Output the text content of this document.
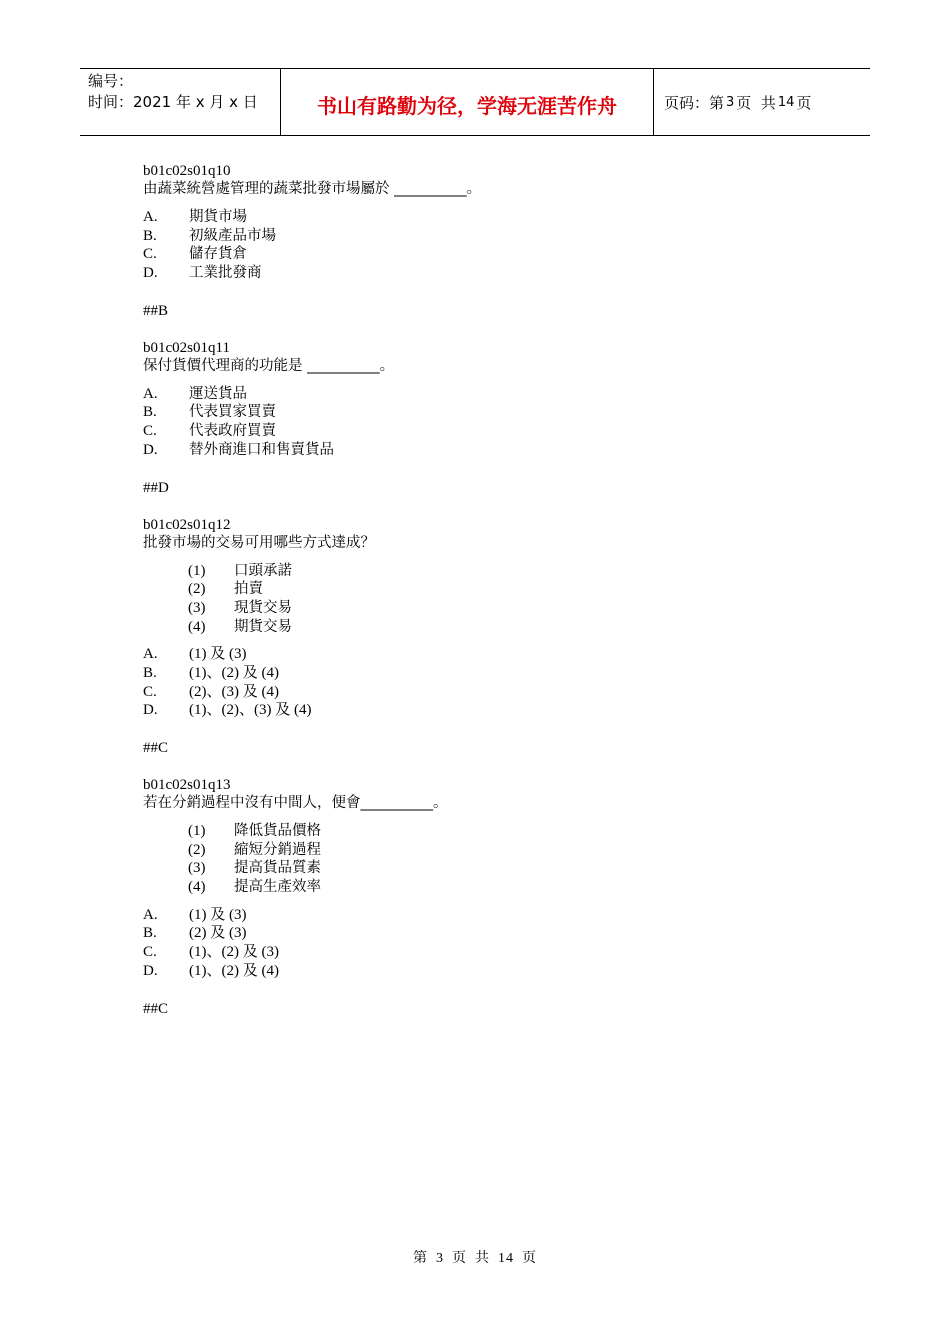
编号：
时间：2021 年 x 月 x 日	书山有路勤为径，学海无涯苦作舟	页码：第 3 页  共 14 页
b01c02s01q10
由蔬菜統營處管理的蔬菜批發市場屬於 __________。
A.	期貨市場
B.	初級產品市場
C.	儲存貨倉
D.	工業批發商
##B
b01c02s01q11
保付貨價代理商的功能是 __________。
A.	運送貨品
B.	代表買家買賣
C.	代表政府買賣
D.	替外商進口和售賣貨品
##D
b01c02s01q12
批發市場的交易可用哪些方式達成？
(1)	口頭承諾
(2)	拍賣
(3)	現貨交易
(4)	期貨交易
A.	(1) 及 (3)
B.	(1)、(2) 及 (4)
C.	(2)、(3) 及 (4)
D.	(1)、(2)、(3) 及 (4)
##C
b01c02s01q13
若在分銷過程中沒有中間人，便會__________。
(1)	降低貨品價格
(2)	縮短分銷過程
(3)	提高貨品質素
(4)	提高生產效率
A.	(1) 及 (3)
B.	(2) 及 (3)
C.	(1)、(2) 及 (3)
D.	(1)、(2) 及 (4)
##C
第 3 页 共 14 页
